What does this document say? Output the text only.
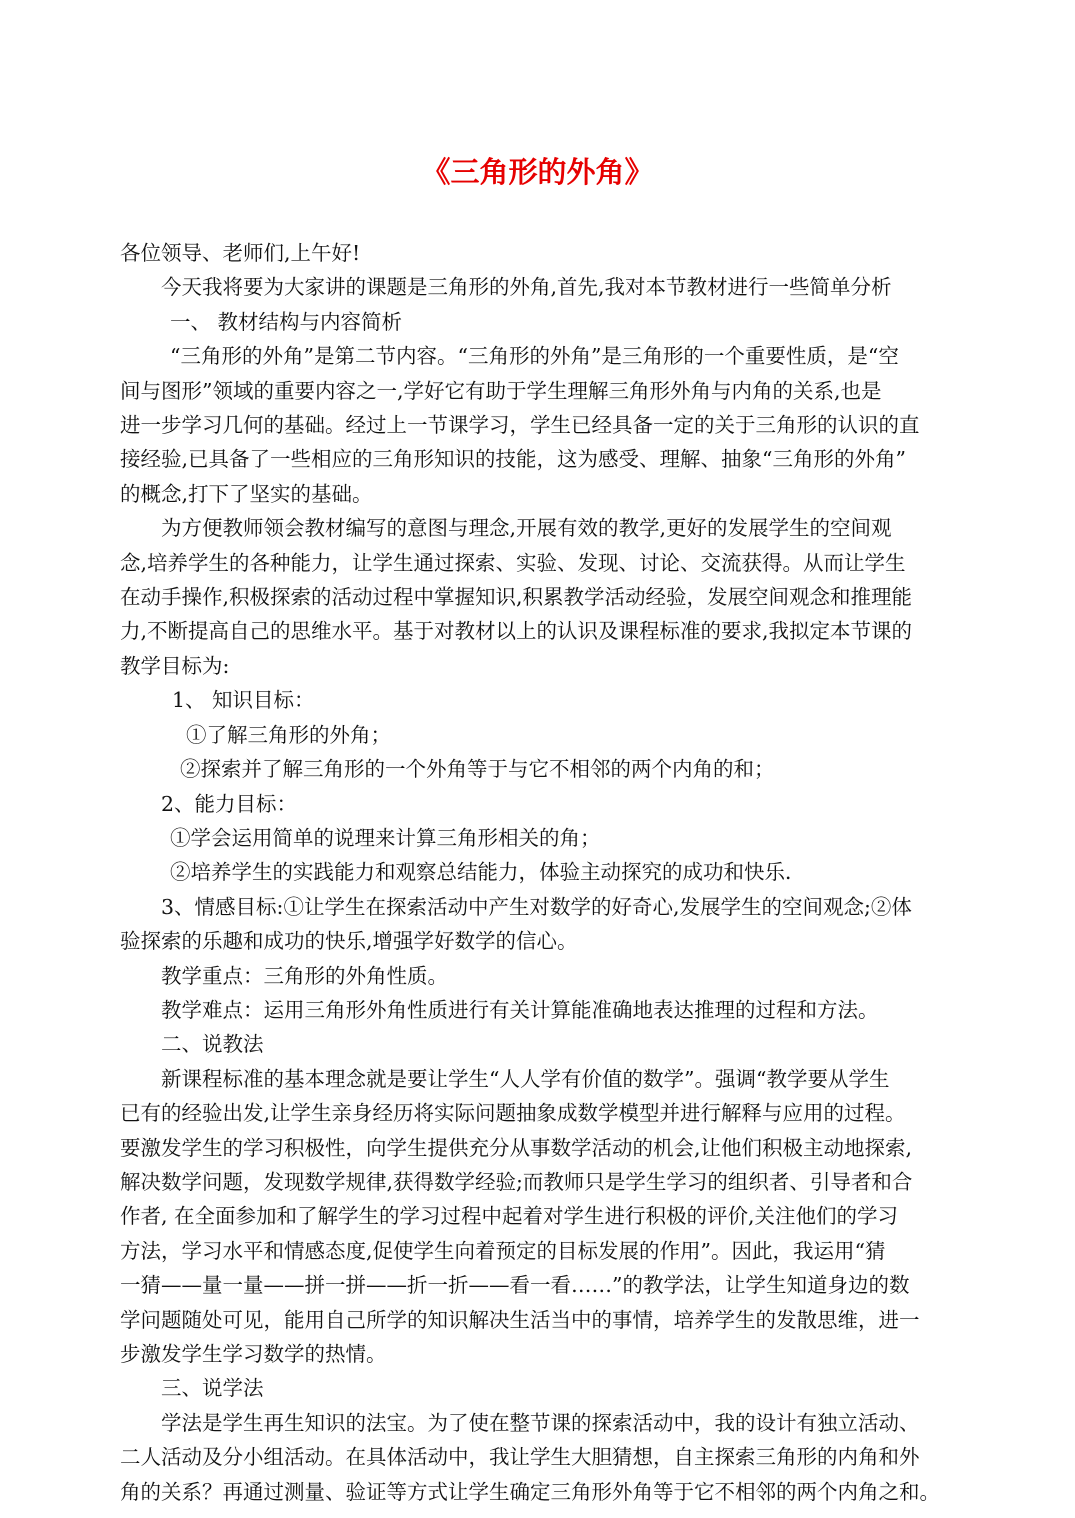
《三角形的外角》

各位领导、老师们,上午好!

今天我将要为大家讲的课题是三角形的外角,首先,我对本节教材进行一些简单分析

一、 教材结构与内容简析

“三角形的外角”是第二节内容。“三角形的外角”是三角形的一个重要性质，是“空

间与图形”领域的重要内容之一,学好它有助于学生理解三角形外角与内角的关系,也是

进一步学习几何的基础。经过上一节课学习，学生已经具备一定的关于三角形的认识的直

接经验,已具备了一些相应的三角形知识的技能，这为感受、理解、抽象“三角形的外角”

的概念,打下了坚实的基础。

为方便教师领会教材编写的意图与理念,开展有效的教学,更好的发展学生的空间观

念,培养学生的各种能力，让学生通过探索、实验、发现、讨论、交流获得。从而让学生

在动手操作,积极探索的活动过程中掌握知识,积累教学活动经验，发展空间观念和推理能

力,不断提高自己的思维水平。基于对教材以上的认识及课程标准的要求,我拟定本节课的

教学目标为:

1、 知识目标：

①了解三角形的外角；

②探索并了解三角形的一个外角等于与它不相邻的两个内角的和；

2、能力目标：

①学会运用简单的说理来计算三角形相关的角；

②培养学生的实践能力和观察总结能力，体验主动探究的成功和快乐．

3、情感目标:①让学生在探索活动中产生对数学的好奇心,发展学生的空间观念;②体

验探索的乐趣和成功的快乐,增强学好数学的信心。

教学重点：三角形的外角性质。

教学难点：运用三角形外角性质进行有关计算能准确地表达推理的过程和方法。

二、说教法

新课程标准的基本理念就是要让学生“人人学有价值的数学”。强调“教学要从学生

已有的经验出发,让学生亲身经历将实际问题抽象成数学模型并进行解释与应用的过程。

要激发学生的学习积极性，向学生提供充分从事数学活动的机会,让他们积极主动地探索,

解决数学问题，发现数学规律,获得数学经验;而教师只是学生学习的组织者、引导者和合

作者, 在全面参加和了解学生的学习过程中起着对学生进行积极的评价,关注他们的学习

方法，学习水平和情感态度,促使学生向着预定的目标发展的作用”。因此，我运用“猜

一猜——量一量——拼一拼——折一折——看一看……”的教学法，让学生知道身边的数

学问题随处可见，能用自己所学的知识解决生活当中的事情，培养学生的发散思维，进一

步激发学生学习数学的热情。

三、说学法

学法是学生再生知识的法宝。为了使在整节课的探索活动中，我的设计有独立活动、

二人活动及分小组活动。在具体活动中，我让学生大胆猜想，自主探索三角形的内角和外

角的关系？再通过测量、验证等方式让学生确定三角形外角等于它不相邻的两个内角之和。
